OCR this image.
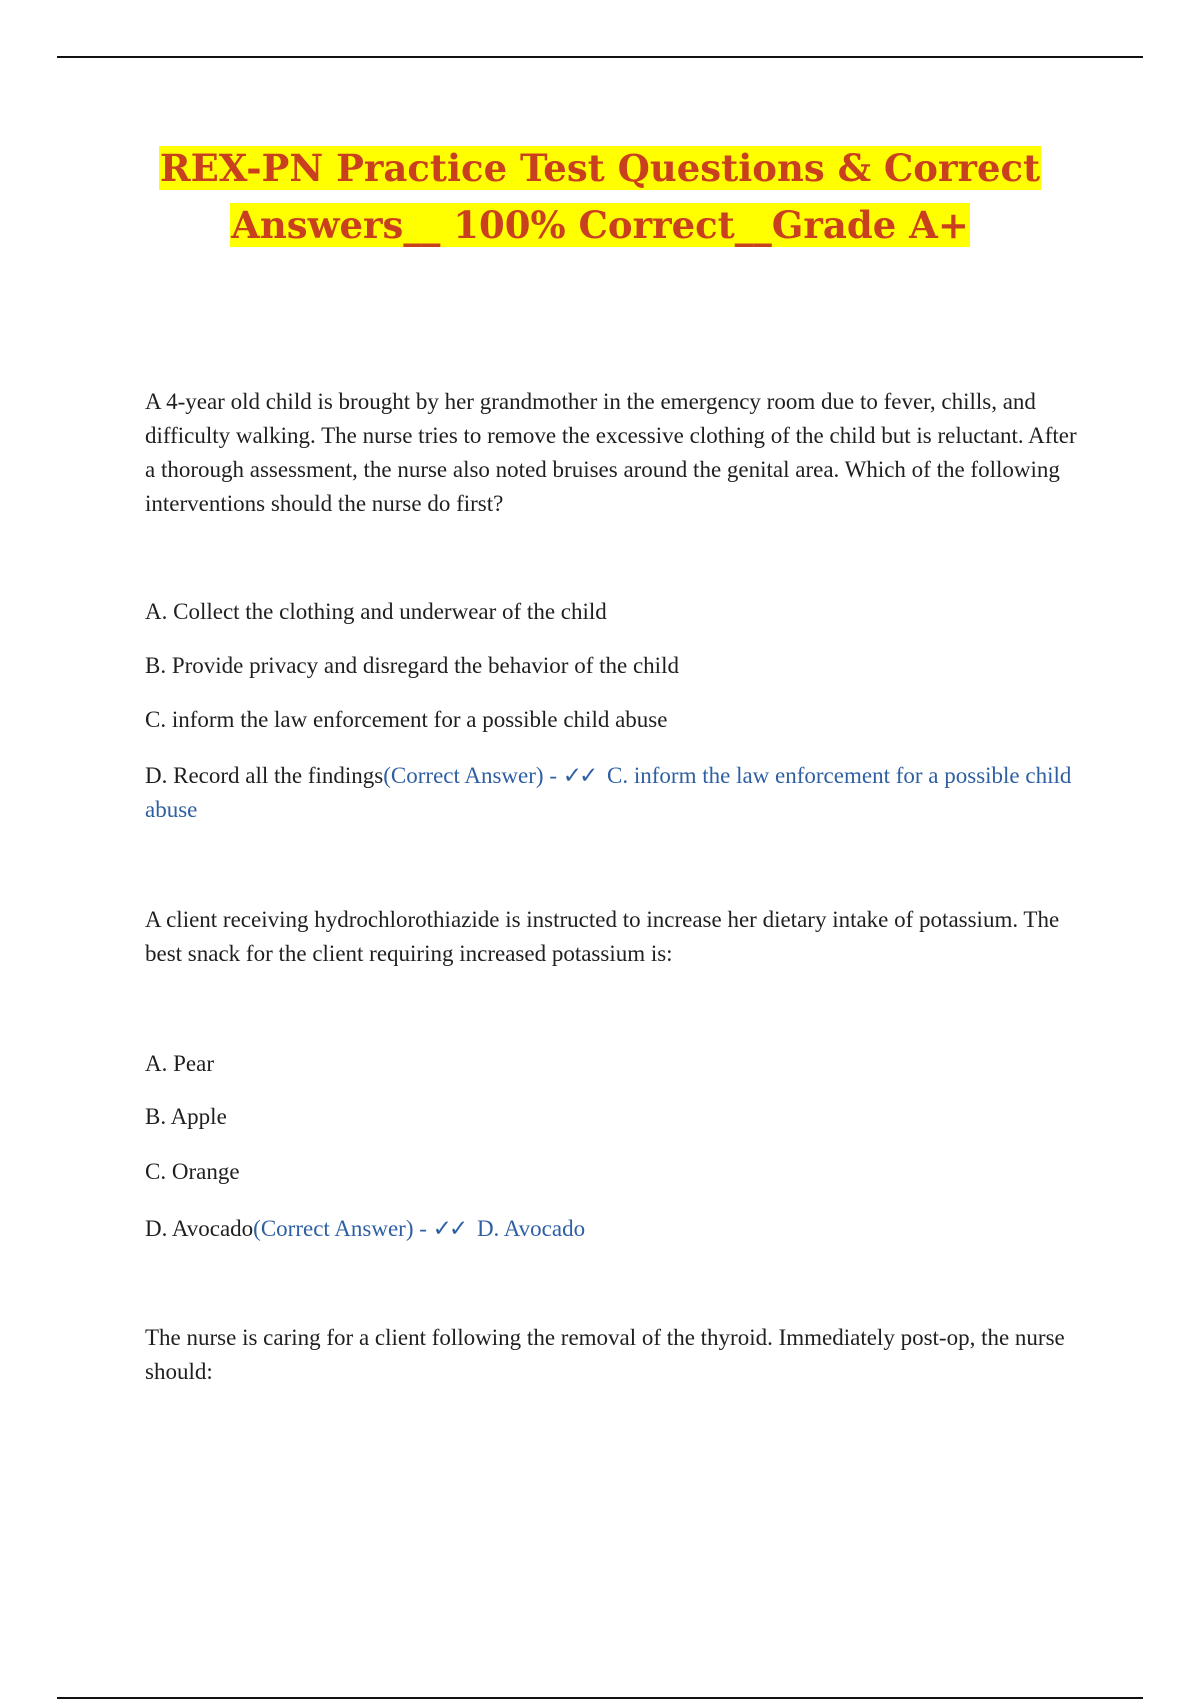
REX-PN Practice Test Questions & Correct
Answers__ 100% Correct__Grade A+

A 4-year old child is brought by her grandmother in the emergency room due to fever, chills, and difficulty walking. The nurse tries to remove the excessive clothing of the child but is reluctant. After a thorough assessment, the nurse also noted bruises around the genital area. Which of the following interventions should the nurse do first?

A. Collect the clothing and underwear of the child

B. Provide privacy and disregard the behavior of the child

C. inform the law enforcement for a possible child abuse

D. Record all the findings(Correct Answer) - ✓✓ C. inform the law enforcement for a possible child abuse

A client receiving hydrochlorothiazide is instructed to increase her dietary intake of potassium. The best snack for the client requiring increased potassium is:

A. Pear

B. Apple

C. Orange

D. Avocado(Correct Answer) - ✓✓ D. Avocado

The nurse is caring for a client following the removal of the thyroid. Immediately post-op, the nurse should:
